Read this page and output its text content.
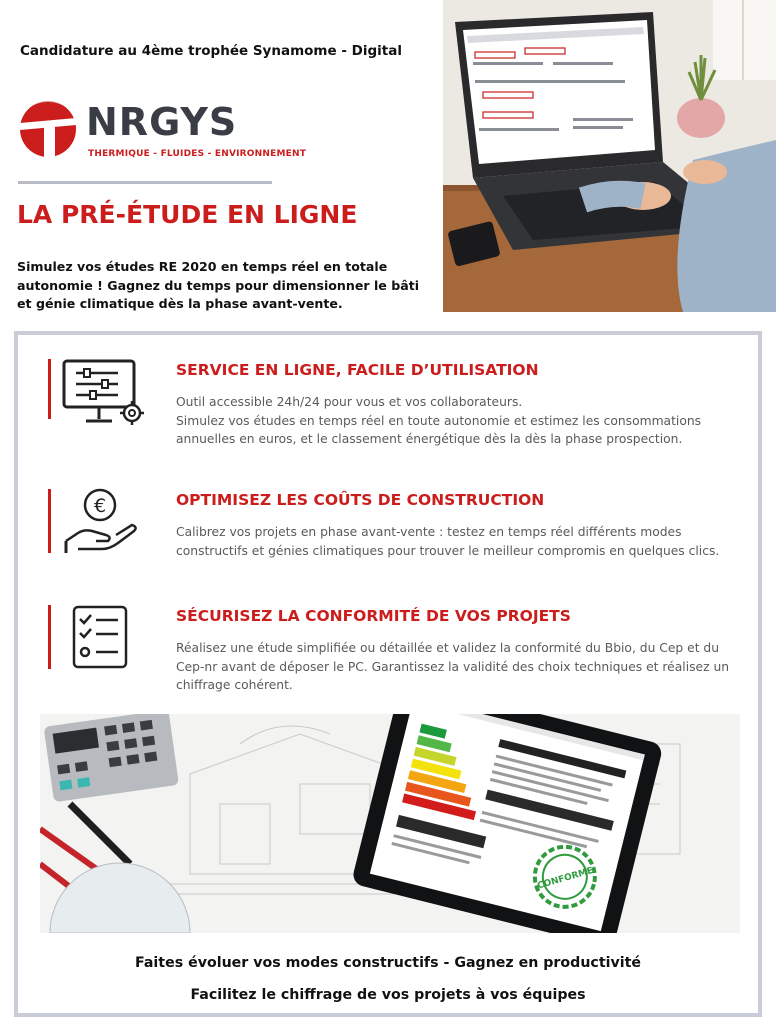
Candidature au 4ème trophée Synamome - Digital
NRGYS
THERMIQUE - FLUIDES - ENVIRONNEMENT
LA PRÉ-ÉTUDE EN LIGNE
Simulez vos études RE 2020 en temps réel en totale autonomie ! Gagnez du temps pour dimensionner le bâti et génie climatique dès la phase avant-vente.
SERVICE EN LIGNE, FACILE D’UTILISATION

Outil accessible 24h/24 pour vous et vos collaborateurs.
Simulez vos études en temps réel en toute autonomie et estimez les consommations annuelles en euros, et le classement énergétique dès la dès la phase prospection.

€	OPTIMISEZ LES COÛTS DE CONSTRUCTION

Calibrez vos projets en phase avant-vente : testez en temps réel différents modes constructifs et génies climatiques pour trouver le meilleur compromis en quelques clics.

SÉCURISEZ LA CONFORMITÉ DE VOS PROJETS

Réalisez une étude simplifiée ou détaillée et validez la conformité du Bbio, du Cep et du Cep-nr avant de déposer le PC. Garantissez la validité des choix techniques et réalisez un chiffrage cohérent.

CONFORME
Faites évoluer vos modes constructifs - Gagnez en productivité
Facilitez le chiffrage de vos projets à vos équipes
